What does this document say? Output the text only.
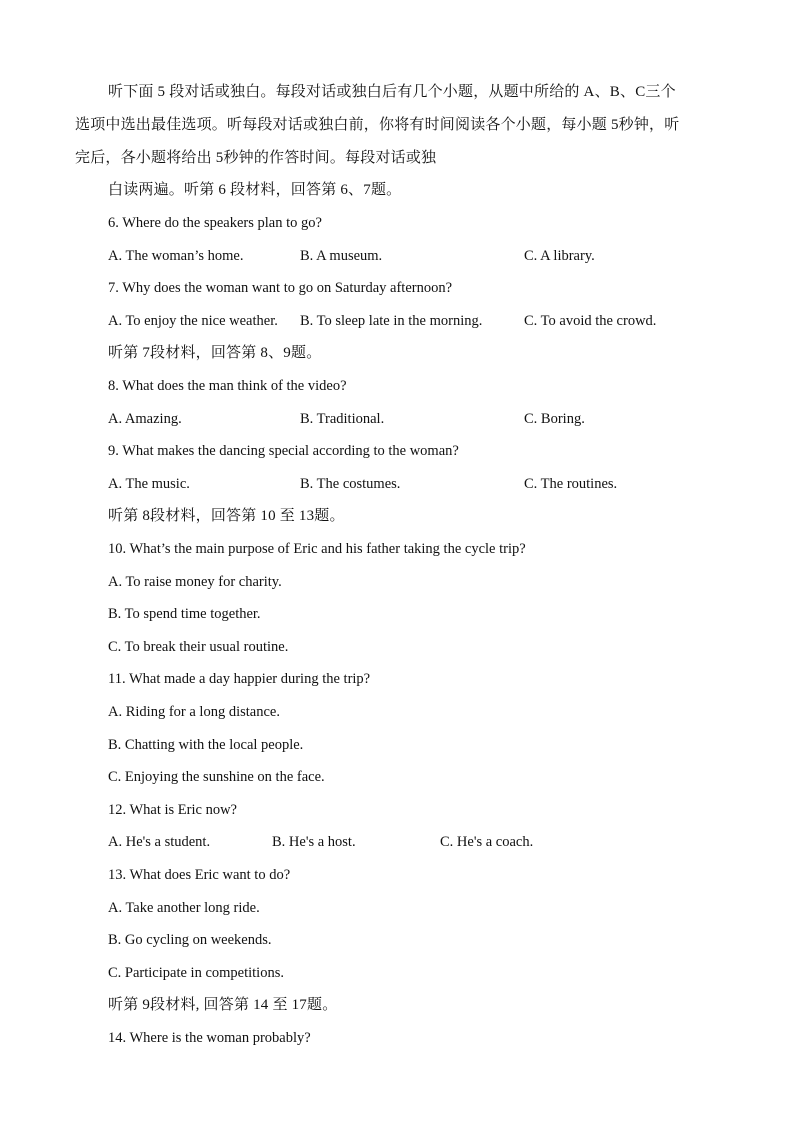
听下面 5 段对话或独白。每段对话或独白后有几个小题，从题中所给的 A、B、C三个
选项中选出最佳选项。听每段对话或独白前，你将有时间阅读各个小题，每小题 5秒钟，听
完后，各小题将给出 5秒钟的作答时间。每段对话或独
白读两遍。听第 6 段材料，回答第 6、7题。
6. Where do the speakers plan to go?
A. The woman’s home.	B. A museum.	C. A library.
7. Why does the woman want to go on Saturday afternoon?
A. To enjoy the nice weather. B. To sleep late in the morning.	C. To avoid the crowd.
听第 7段材料，回答第 8、9题。
8. What does the man think of the video?
A. Amazing.	B. Traditional.	C. Boring.
9. What makes the dancing special according to the woman?
A. The music.	B. The costumes.	C. The routines.
听第 8段材料，回答第 10 至 13题。
10. What’s the main purpose of Eric and his father taking the cycle trip?
A. To raise money for charity.
B. To spend time together.
C. To break their usual routine.
11. What made a day happier during the trip?
A. Riding for a long distance.
B. Chatting with the local people.
C. Enjoying the sunshine on the face.
12. What is Eric now?
A. He's a student.	B. He's a host.	C. He's a coach.
13. What does Eric want to do?
A. Take another long ride.
B. Go cycling on weekends.
C. Participate in competitions.
听第 9段材料, 回答第 14 至 17题。
14. Where is the woman probably?
